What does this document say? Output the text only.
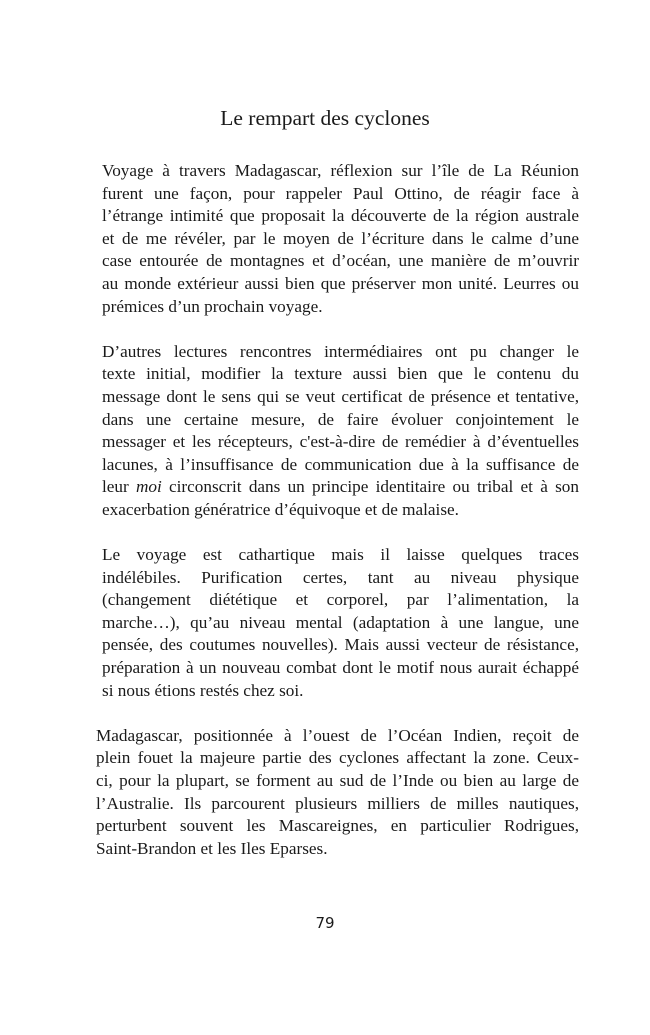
Le rempart des cyclones

Voyage à travers Madagascar, réflexion sur l’île de La Réunion
furent une façon, pour rappeler Paul Ottino, de réagir face à
l’étrange intimité que proposait la découverte de la région australe
et de me révéler, par le moyen de l’écriture dans le calme d’une
case entourée de montagnes et d’océan, une manière de m’ouvrir
au monde extérieur aussi bien que préserver mon unité. Leurres ou
prémices d’un prochain voyage.

D’autres lectures rencontres intermédiaires ont pu changer le
texte initial, modifier la texture aussi bien que le contenu du
message dont le sens qui se veut certificat de présence et tentative,
dans une certaine mesure, de faire évoluer conjointement le
messager et les récepteurs, c'est-à-dire de remédier à d’éventuelles
lacunes, à l’insuffisance de communication due à la suffisance de
leur moi circonscrit dans un principe identitaire ou tribal et à son
exacerbation génératrice d’équivoque et de malaise.

Le voyage est cathartique mais il laisse quelques traces
indélébiles. Purification certes, tant au niveau physique
(changement diététique et corporel, par l’alimentation, la
marche…), qu’au niveau mental (adaptation à une langue, une
pensée, des coutumes nouvelles). Mais aussi vecteur de résistance,
préparation à un nouveau combat dont le motif nous aurait échappé
si nous étions restés chez soi.

Madagascar, positionnée à l’ouest de l’Océan Indien, reçoit de
plein fouet la majeure partie des cyclones affectant la zone. Ceux-
ci, pour la plupart, se forment au sud de l’Inde ou bien au large de
l’Australie. Ils parcourent plusieurs milliers de milles nautiques,
perturbent souvent les Mascareignes, en particulier Rodrigues,
Saint-Brandon et les Iles Eparses.

79
